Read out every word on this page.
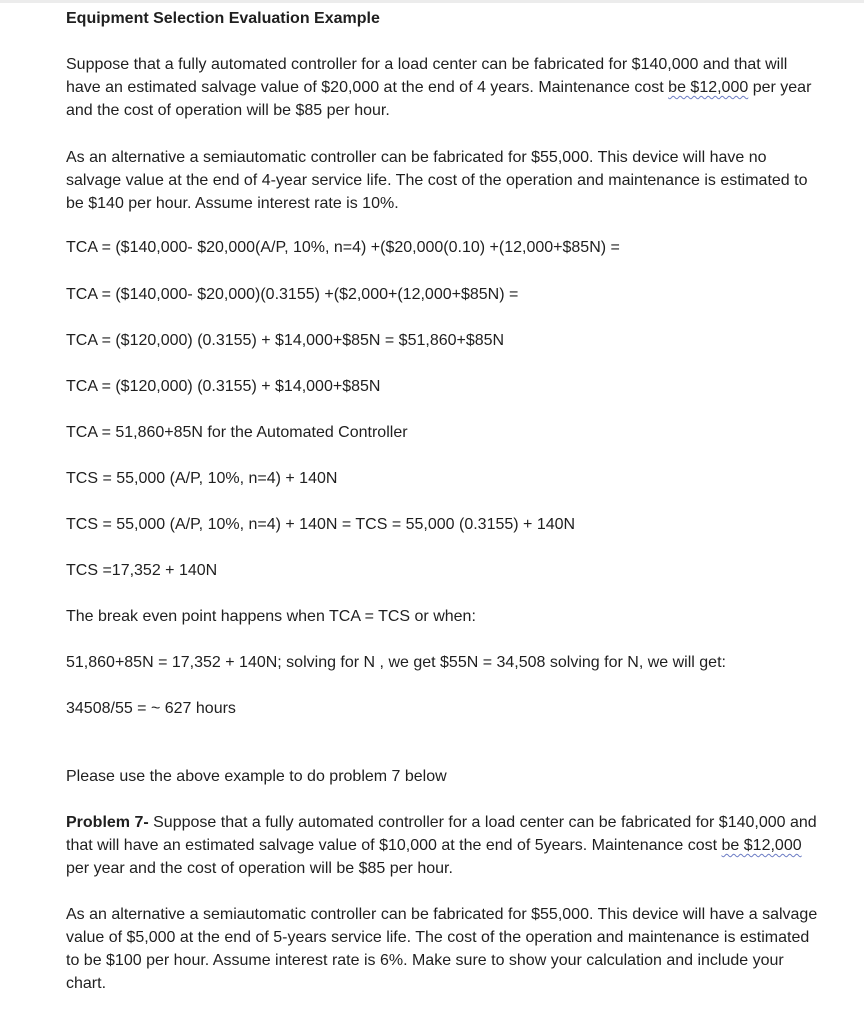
Equipment Selection Evaluation Example

Suppose that a fully automated controller for a load center can be fabricated for $140,000 and that will have an estimated salvage value of $20,000 at the end of 4 years. Maintenance cost be $12,000 per year and the cost of operation will be $85 per hour.

As an alternative a semiautomatic controller can be fabricated for $55,000. This device will have no salvage value at the end of 4-year service life. The cost of the operation and maintenance is estimated to be $140 per hour. Assume interest rate is 10%.

TCA = ($140,000- $20,000(A/P, 10%, n=4) +($20,000(0.10) +(12,000+$85N) =

TCA = ($140,000- $20,000)(0.3155) +($2,000+(12,000+$85N) =

TCA = ($120,000) (0.3155) + $14,000+$85N = $51,860+$85N

TCA = ($120,000) (0.3155) + $14,000+$85N

TCA = 51,860+85N for the Automated Controller

TCS = 55,000 (A/P, 10%, n=4) + 140N

TCS = 55,000 (A/P, 10%, n=4) + 140N = TCS = 55,000 (0.3155) + 140N

TCS =17,352 + 140N

The break even point happens when TCA = TCS or when:

51,860+85N = 17,352 + 140N; solving for N , we get $55N = 34,508 solving for N, we will get:

34508/55 = ~ 627 hours

Please use the above example to do problem 7 below

Problem 7- Suppose that a fully automated controller for a load center can be fabricated for $140,000 and that will have an estimated salvage value of $10,000 at the end of 5years. Maintenance cost be $12,000 per year and the cost of operation will be $85 per hour.

As an alternative a semiautomatic controller can be fabricated for $55,000. This device will have a salvage value of $5,000 at the end of 5-years service life. The cost of the operation and maintenance is estimated to be $100 per hour. Assume interest rate is 6%. Make sure to show your calculation and include your chart.
